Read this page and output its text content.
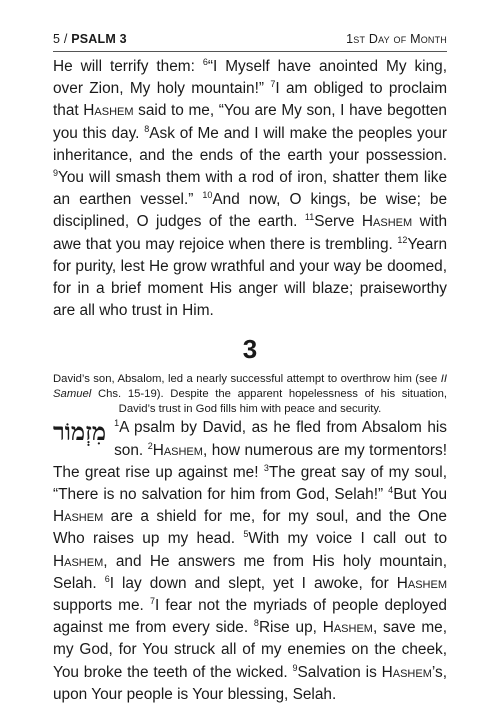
5 / PSALM 3	1st Day of Month

He will terrify them: $^6$“I Myself have anointed My king, over Zion, My holy mountain!” $^7$I am obliged to proclaim that Hashem said to me, “You are My son, I have begotten you this day. $^8$Ask of Me and I will make the peoples your inheritance, and the ends of the earth your possession. $^9$You will smash them with a rod of iron, shatter them like an earthen vessel.” $^{10}$And now, O kings, be wise; be disciplined, O judges of the earth. $^{11}$Serve Hashem with awe that you may rejoice when there is trembling. $^{12}$Yearn for purity, lest He grow wrathful and your way be doomed, for in a brief moment His anger will blaze; praiseworthy are all who trust in Him.

3

David’s son, Absalom, led a nearly successful attempt to overthrow him (see II Samuel Chs. 15-19). Despite the apparent hopelessness of his situation, David’s trust in God fills him with peace and security.

מִזְמוֹר $^1$A psalm by David, as he fled from Absalom his son. $^2$Hashem, how numerous are my tormentors! The great rise up against me! $^3$The great say of my soul, “There is no salvation for him from God, Selah!” $^4$But You Hashem are a shield for me, for my soul, and the One Who raises up my head. $^5$With my voice I call out to Hashem, and He answers me from His holy mountain, Selah. $^6$I lay down and slept, yet I awoke, for Hashem supports me. $^7$I fear not the myriads of people deployed against me from every side. $^8$Rise up, Hashem, save me, my God, for You struck all of my enemies on the cheek, You broke the teeth of the wicked. $^9$Salvation is Hashem’s, upon Your people is Your blessing, Selah.
